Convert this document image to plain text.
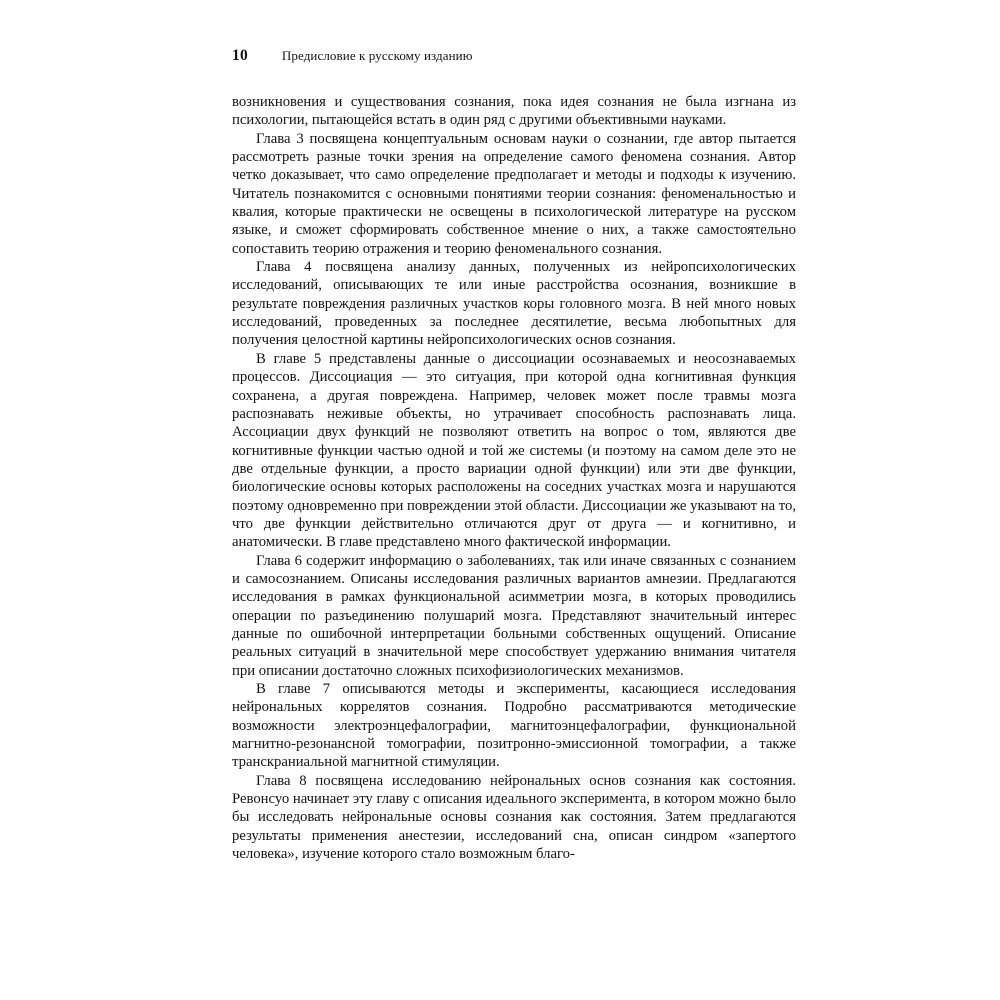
10	Предисловие к русскому изданию

возникновения и существования сознания, пока идея сознания не была изгнана из психологии, пытающейся встать в один ряд с другими объективными науками.

Глава 3 посвящена концептуальным основам науки о сознании, где автор пытается рассмотреть разные точки зрения на определение самого феномена сознания. Автор четко доказывает, что само определение предполагает и методы и подходы к изучению. Читатель познакомится с основными понятиями теории сознания: феноменальностью и квалия, которые практически не освещены в психологической литературе на русском языке, и сможет сформировать собственное мнение о них, а также самостоятельно сопоставить теорию отражения и теорию феноменального сознания.

Глава 4 посвящена анализу данных, полученных из нейропсихологических исследований, описывающих те или иные расстройства осознания, возникшие в результате повреждения различных участков коры головного мозга. В ней много новых исследований, проведенных за последнее десятилетие, весьма любопытных для получения целостной картины нейропсихологических основ сознания.

В главе 5 представлены данные о диссоциации осознаваемых и неосознаваемых процессов. Диссоциация — это ситуация, при которой одна когнитивная функция сохранена, а другая повреждена. Например, человек может после травмы мозга распознавать неживые объекты, но утрачивает способность распознавать лица. Ассоциации двух функций не позволяют ответить на вопрос о том, являются две когнитивные функции частью одной и той же системы (и поэтому на самом деле это не две отдельные функции, а просто вариации одной функции) или эти две функции, биологические основы которых расположены на соседних участках мозга и нарушаются поэтому одновременно при повреждении этой области. Диссоциации же указывают на то, что две функции действительно отличаются друг от друга — и когнитивно, и анатомически. В главе представлено много фактической информации.

Глава 6 содержит информацию о заболеваниях, так или иначе связанных с сознанием и самосознанием. Описаны исследования различных вариантов амнезии. Предлагаются исследования в рамках функциональной асимметрии мозга, в которых проводились операции по разъединению полушарий мозга. Представляют значительный интерес данные по ошибочной интерпретации больными собственных ощущений. Описание реальных ситуаций в значительной мере способствует удержанию внимания читателя при описании достаточно сложных психофизиологических механизмов.

В главе 7 описываются методы и эксперименты, касающиеся исследования нейрональных коррелятов сознания. Подробно рассматриваются методические возможности электроэнцефалографии, магнитоэнцефалографии, функциональной магнитно-резонансной томографии, позитронно-эмиссионной томографии, а также транскраниальной магнитной стимуляции.

Глава 8 посвящена исследованию нейрональных основ сознания как состояния. Ревонсуо начинает эту главу с описания идеального эксперимента, в котором можно было бы исследовать нейрональные основы сознания как состояния. Затем предлагаются результаты применения анестезии, исследований сна, описан синдром «запертого человека», изучение которого стало возможным благо-
